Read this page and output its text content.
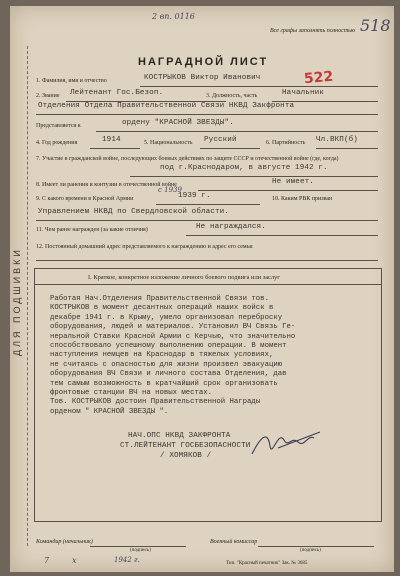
2 вп. 0116
Все графы заполнять полностью 518
НАГРАДНОЙ ЛИСТ
522
ДЛЯ ПОДШИВКИ
1. Фамилия, имя и отчество	КОСТРЫКОВ Виктор Иванович
2. Звание Лейтенант Гос.Безоп.	3. Должность, часть	Начальник
Отделения Отдела Правительственной Связи НКВД Закфронта
Представляется к	ордену "КРАСНОЙ ЗВЕЗДЫ".
4. Год рождения	1914	5. Национальность Русский	6. Партийность Чл.ВКП(б)
7. Участие в гражданской войне, последующих боевых действиях по защите СССР и отечественной войне (где, когда)
под г.Краснодаром, в августе 1942 г.
8. Имеет ли ранения и контузии в отечественной войне	Не имеет.
с 1939
9. С какого времени в Красной Армии	1939 г.	10. Каким РВК призван
Управлением НКВД по Свердловской области.
11. Чем ранее награжден (за какие отличия)	Не награждался.
12. Постоянный домашний адрес представляемого к награждению и адрес его семьи
I. Краткое, конкретное изложение личного боевого подвига или заслуг
Работая Нач.Отделения Правительственной Связи тов.
КОСТРЫКОВ в момент десантных операций наших войск в
декабре 1941 г. в Крыму, умело организовал переброску
оборудования, людей и материалов. Установил ВЧ Связь Ге-
неральной Ставки Красной Армии с Керчью, что значительно
способствовало успешному выполнению операции. В момент
наступления немцев на Краснодар в тяжелых условиях,
не считаясь с опасностью для жизни произвел эвакуацию
оборудования ВЧ Связи и личного состава Отделения, дав
тем самым возможность в кратчайший срок организовать
фронтовые станции ВЧ на новых местах.
Тов. КОСТРЫКОВ достоин Правительственной Награды
орденом " КРАСНОЙ ЗВЕЗДЫ ".
НАЧ.ОПС НКВД ЗАКФРОНТА
СТ.ЛЕЙТЕНАНТ ГОСБЕЗОПАСНОСТИ
/ ХОМЯКОВ /
Командир (начальник)
(подпись)
Военный комиссар
(подпись)
7	х	1942 г.	Тип. "Красный печатник" Зак. № 3685
